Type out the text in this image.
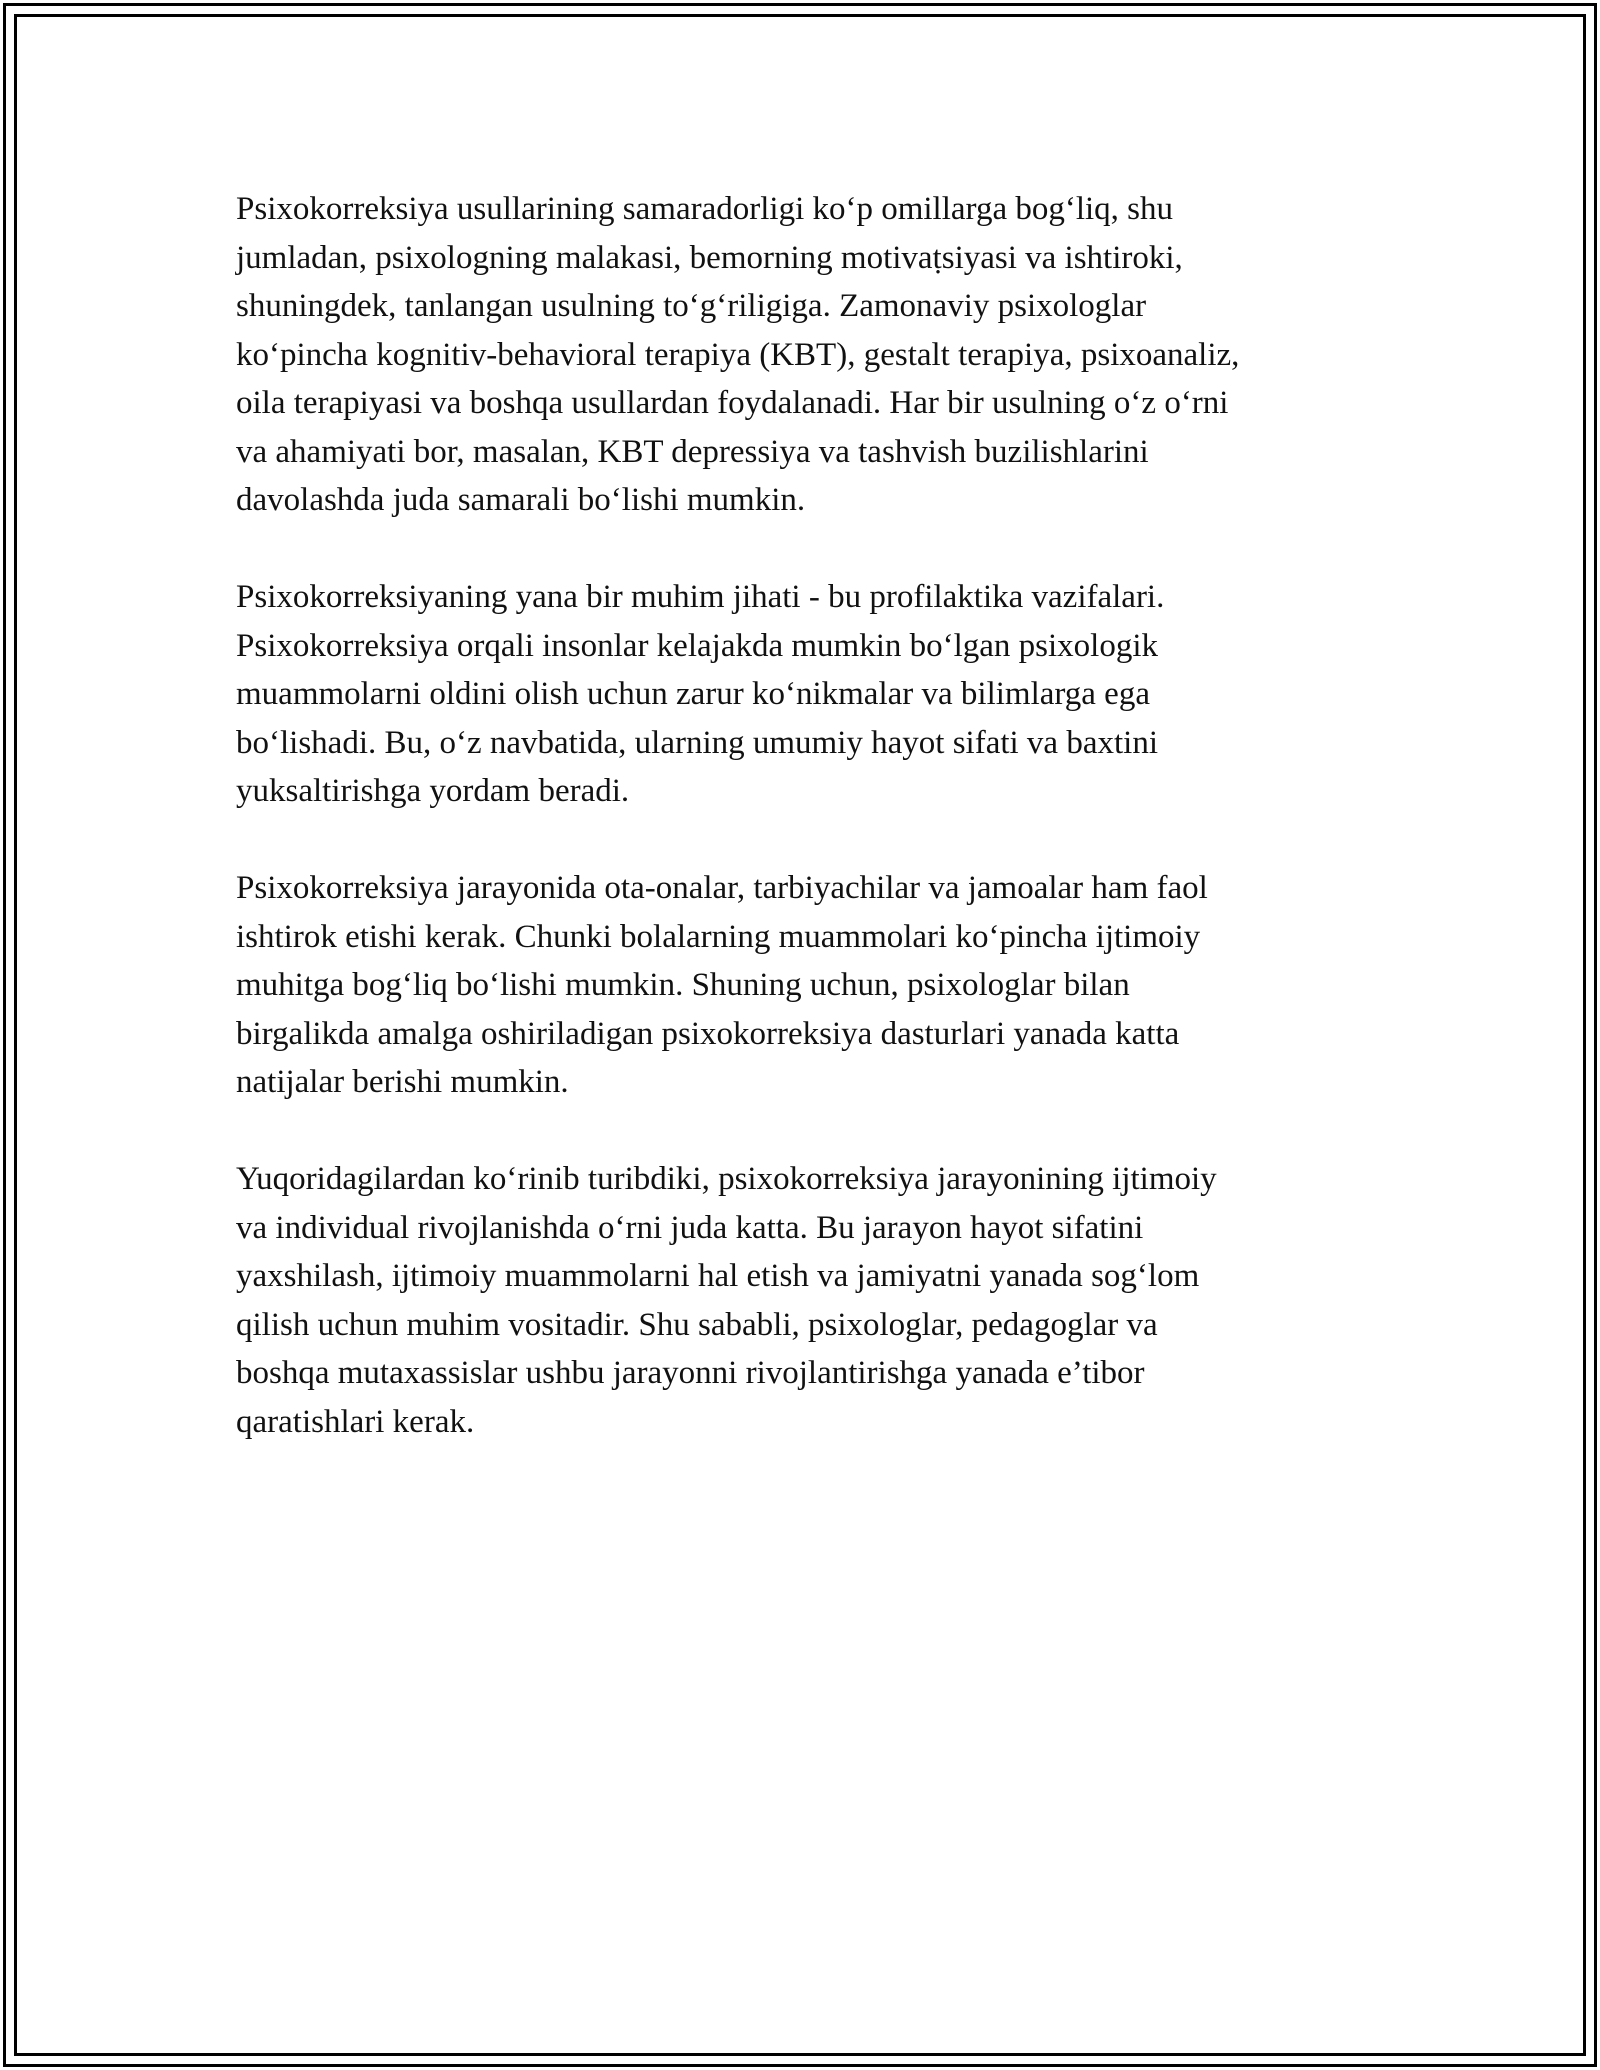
Psixokorreksiya usullarining samaradorligi ko‘p omillarga bog‘liq, shu
jumladan, psixologning malakasi, bemorning motivaṭsiyasi va ishtiroki,
shuningdek, tanlangan usulning to‘g‘riligiga. Zamonaviy psixologlar
ko‘pincha kognitiv-behavioral terapiya (KBT), gestalt terapiya, psixoanaliz,
oila terapiyasi va boshqa usullardan foydalanadi. Har bir usulning o‘z o‘rni
va ahamiyati bor, masalan, KBT depressiya va tashvish buzilishlarini
davolashda juda samarali bo‘lishi mumkin.

Psixokorreksiyaning yana bir muhim jihati - bu profilaktika vazifalari.
Psixokorreksiya orqali insonlar kelajakda mumkin bo‘lgan psixologik
muammolarni oldini olish uchun zarur ko‘nikmalar va bilimlarga ega
bo‘lishadi. Bu, o‘z navbatida, ularning umumiy hayot sifati va baxtini
yuksaltirishga yordam beradi.

Psixokorreksiya jarayonida ota-onalar, tarbiyachilar va jamoalar ham faol
ishtirok etishi kerak. Chunki bolalarning muammolari ko‘pincha ijtimoiy
muhitga bog‘liq bo‘lishi mumkin. Shuning uchun, psixologlar bilan
birgalikda amalga oshiriladigan psixokorreksiya dasturlari yanada katta
natijalar berishi mumkin.

Yuqoridagilardan ko‘rinib turibdiki, psixokorreksiya jarayonining ijtimoiy
va individual rivojlanishda o‘rni juda katta. Bu jarayon hayot sifatini
yaxshilash, ijtimoiy muammolarni hal etish va jamiyatni yanada sog‘lom
qilish uchun muhim vositadir. Shu sababli, psixologlar, pedagoglar va
boshqa mutaxassislar ushbu jarayonni rivojlantirishga yanada e’tibor
qaratishlari kerak.
